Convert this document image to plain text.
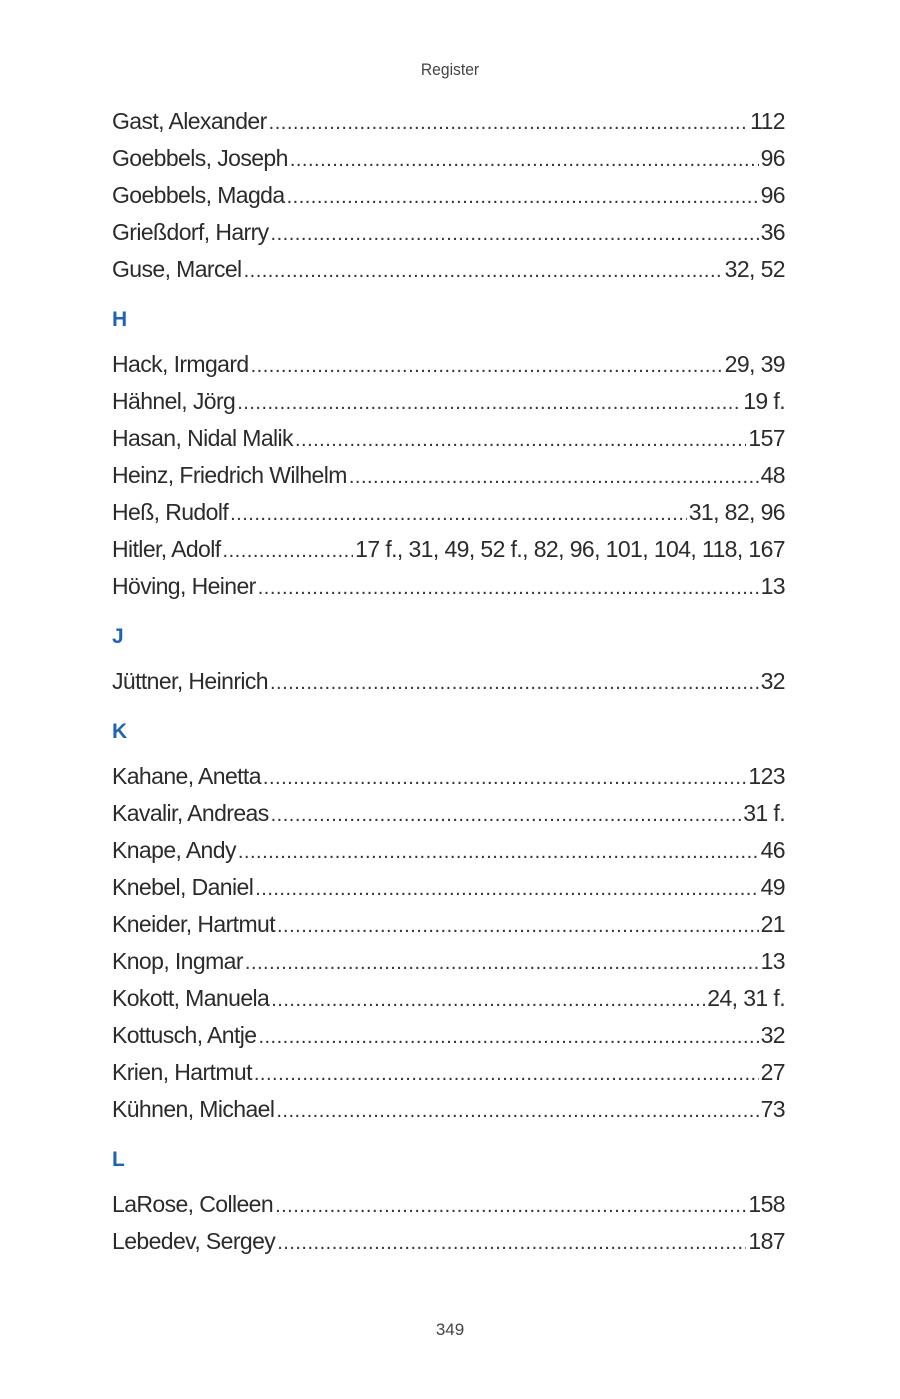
Register
Gast, Alexander .....	112
Goebbels, Joseph .....	96
Goebbels, Magda .....	96
Grießdorf, Harry .....	36
Guse, Marcel .....	32, 52
H
Hack, Irmgard .....	29, 39
Hähnel, Jörg .....	19 f.
Hasan, Nidal Malik .....	157
Heinz, Friedrich Wilhelm .....	48
Heß, Rudolf .....	31, 82, 96
Hitler, Adolf .....	17 f., 31, 49, 52 f., 82, 96, 101, 104, 118, 167
Höving, Heiner .....	13
J
Jüttner, Heinrich .....	32
K
Kahane, Anetta .....	123
Kavalir, Andreas .....	31 f.
Knape, Andy .....	46
Knebel, Daniel .....	49
Kneider, Hartmut .....	21
Knop, Ingmar .....	13
Kokott, Manuela .....	24, 31 f.
Kottusch, Antje .....	32
Krien, Hartmut .....	27
Kühnen, Michael .....	73
L
LaRose, Colleen .....	158
Lebedev, Sergey .....	187
349
